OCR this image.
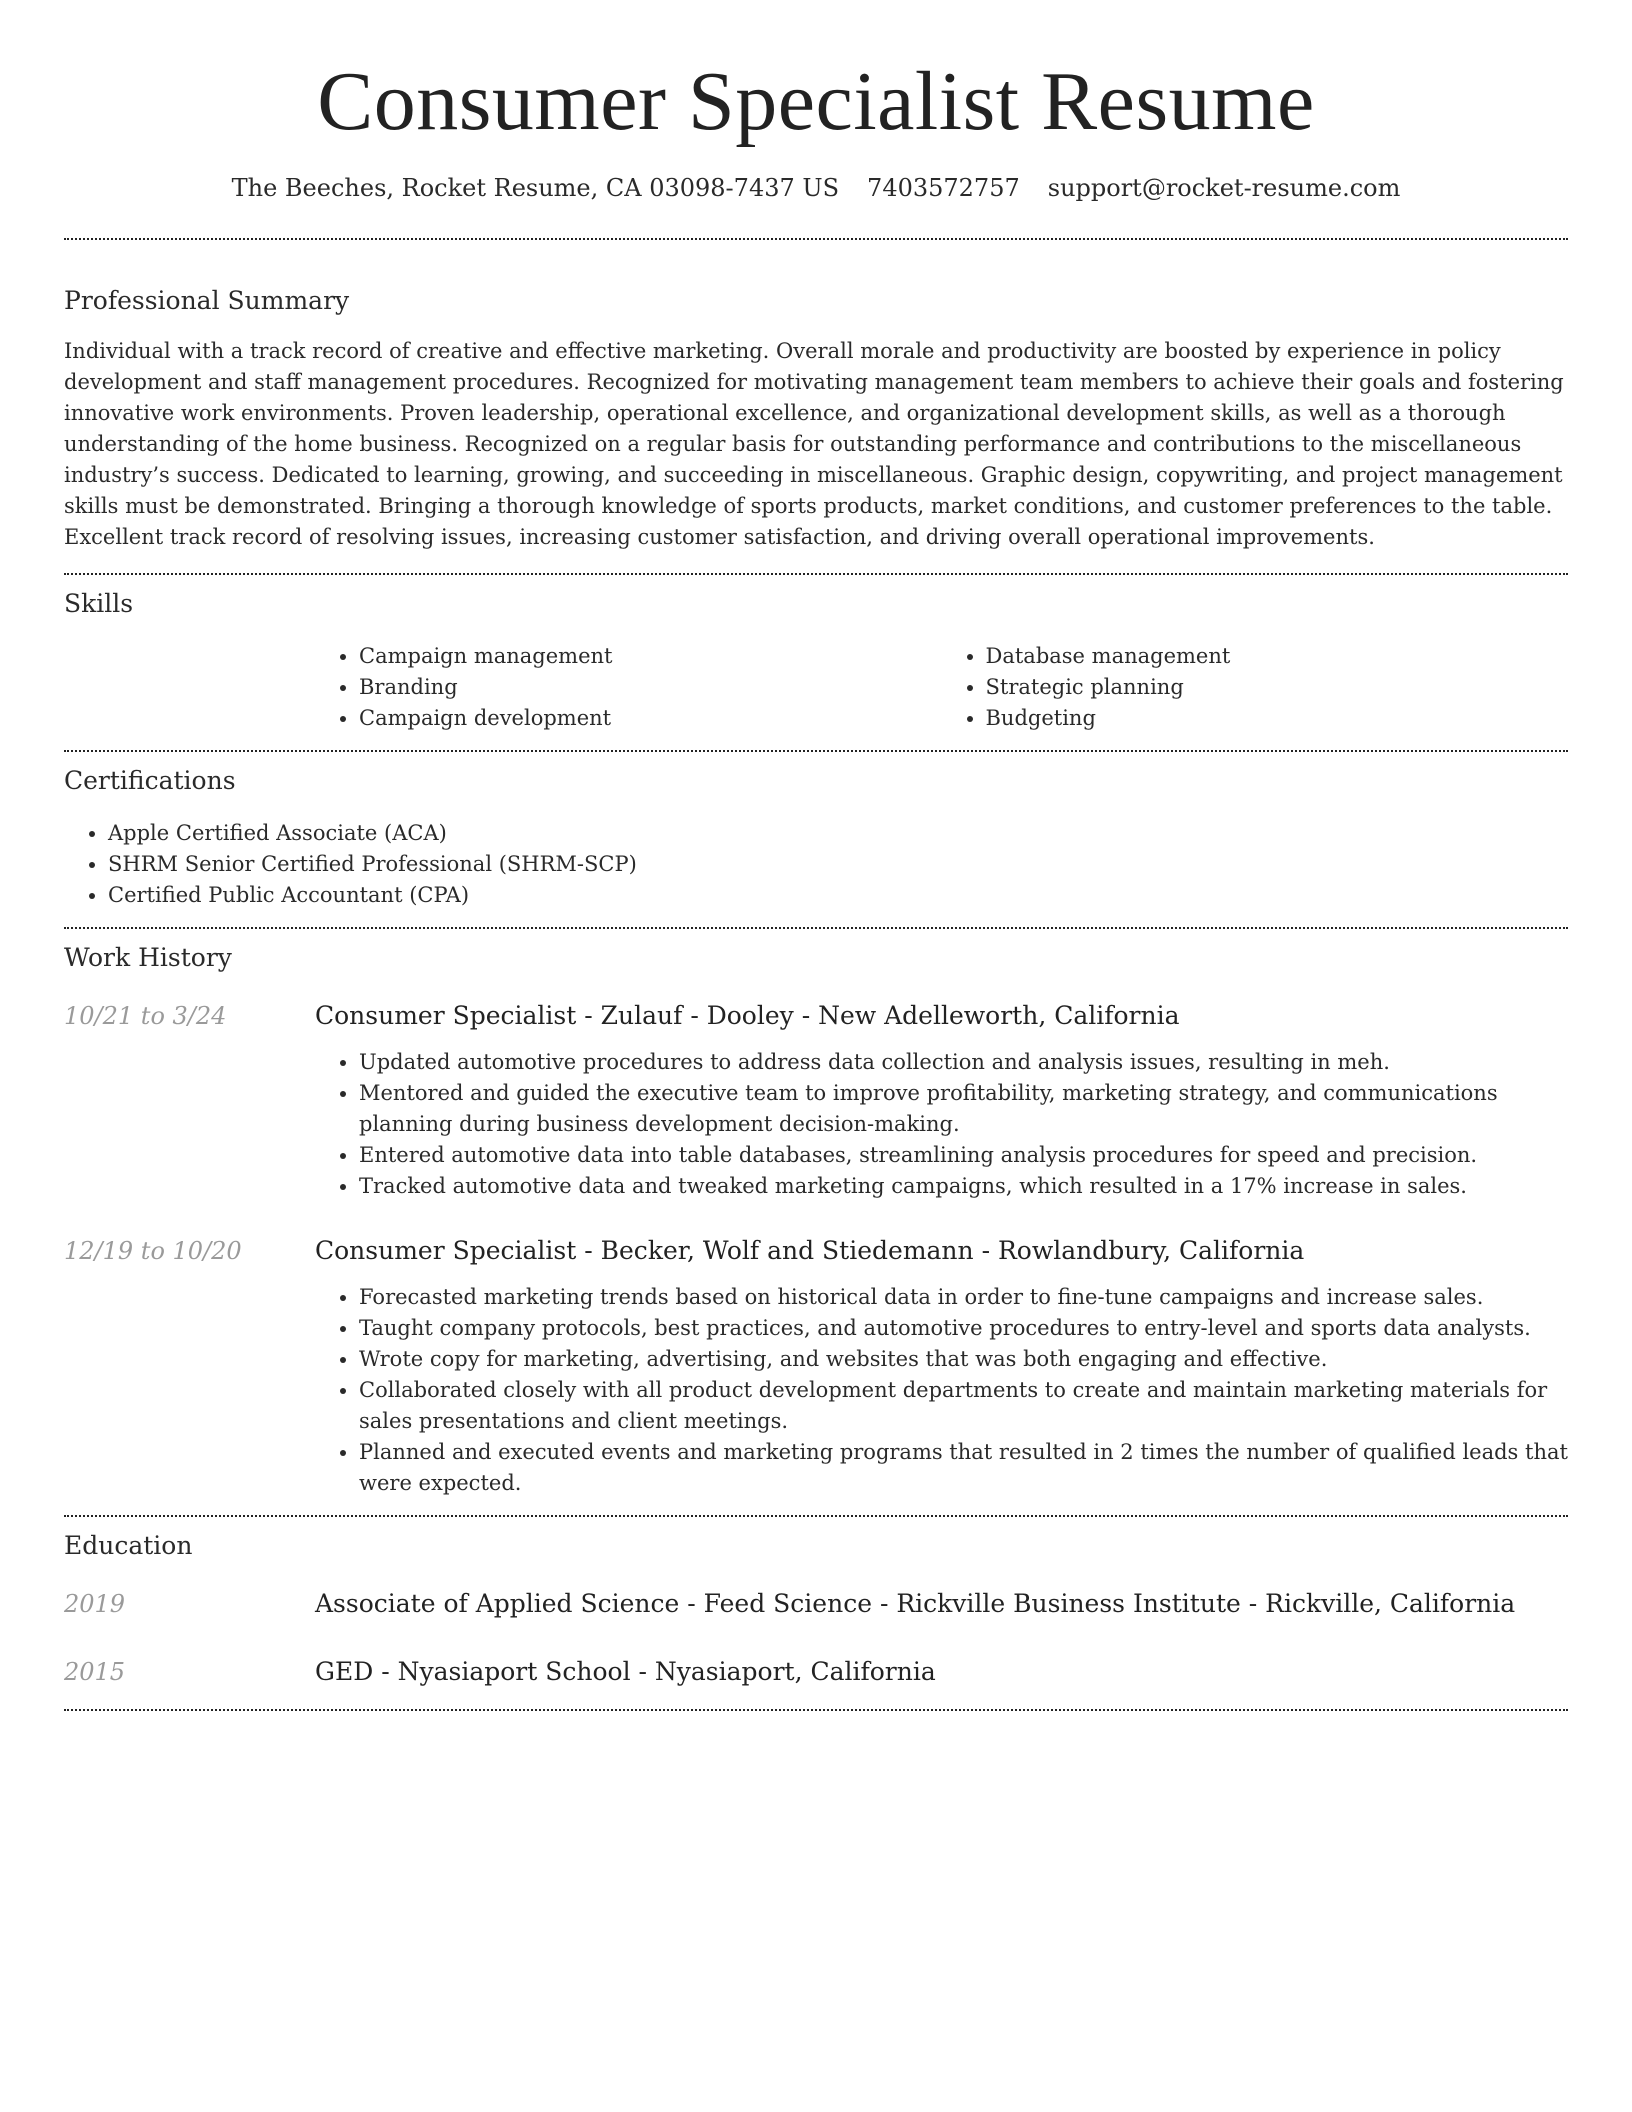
Consumer Specialist Resume
The Beeches, Rocket Resume, CA 03098-7437 US 7403572757 support@rocket-resume.com
Professional Summary

Individual with a track record of creative and effective marketing. Overall morale and productivity are boosted by experience in policy development and staff management procedures. Recognized for motivating management team members to achieve their goals and fostering innovative work environments. Proven leadership, operational excellence, and organizational development skills, as well as a thorough understanding of the home business. Recognized on a regular basis for outstanding performance and contributions to the miscellaneous industry’s success. Dedicated to learning, growing, and succeeding in miscellaneous. Graphic design, copywriting, and project management skills must be demonstrated. Bringing a thorough knowledge of sports products, market conditions, and customer preferences to the table. Excellent track record of resolving issues, increasing customer satisfaction, and driving overall operational improvements.

Skills
• Campaign management
• Branding
• Campaign development
• Database management
• Strategic planning
• Budgeting
Certifications
• Apple Certified Associate (ACA)
• SHRM Senior Certified Professional (SHRM-SCP)
• Certified Public Accountant (CPA)
Work History
10/21 to 3/24	Consumer Specialist - Zulauf - Dooley - New Adelleworth, California
• Updated automotive procedures to address data collection and analysis issues, resulting in meh.
• Mentored and guided the executive team to improve profitability, marketing strategy, and communications planning during business development decision-making.
• Entered automotive data into table databases, streamlining analysis procedures for speed and precision.
• Tracked automotive data and tweaked marketing campaigns, which resulted in a 17% increase in sales.
12/19 to 10/20	Consumer Specialist - Becker, Wolf and Stiedemann - Rowlandbury, California
• Forecasted marketing trends based on historical data in order to fine-tune campaigns and increase sales.
• Taught company protocols, best practices, and automotive procedures to entry-level and sports data analysts.
• Wrote copy for marketing, advertising, and websites that was both engaging and effective.
• Collaborated closely with all product development departments to create and maintain marketing materials for sales presentations and client meetings.
• Planned and executed events and marketing programs that resulted in 2 times the number of qualified leads that were expected.
Education
2019	Associate of Applied Science - Feed Science - Rickville Business Institute - Rickville, California
2015	GED - Nyasiaport School - Nyasiaport, California
